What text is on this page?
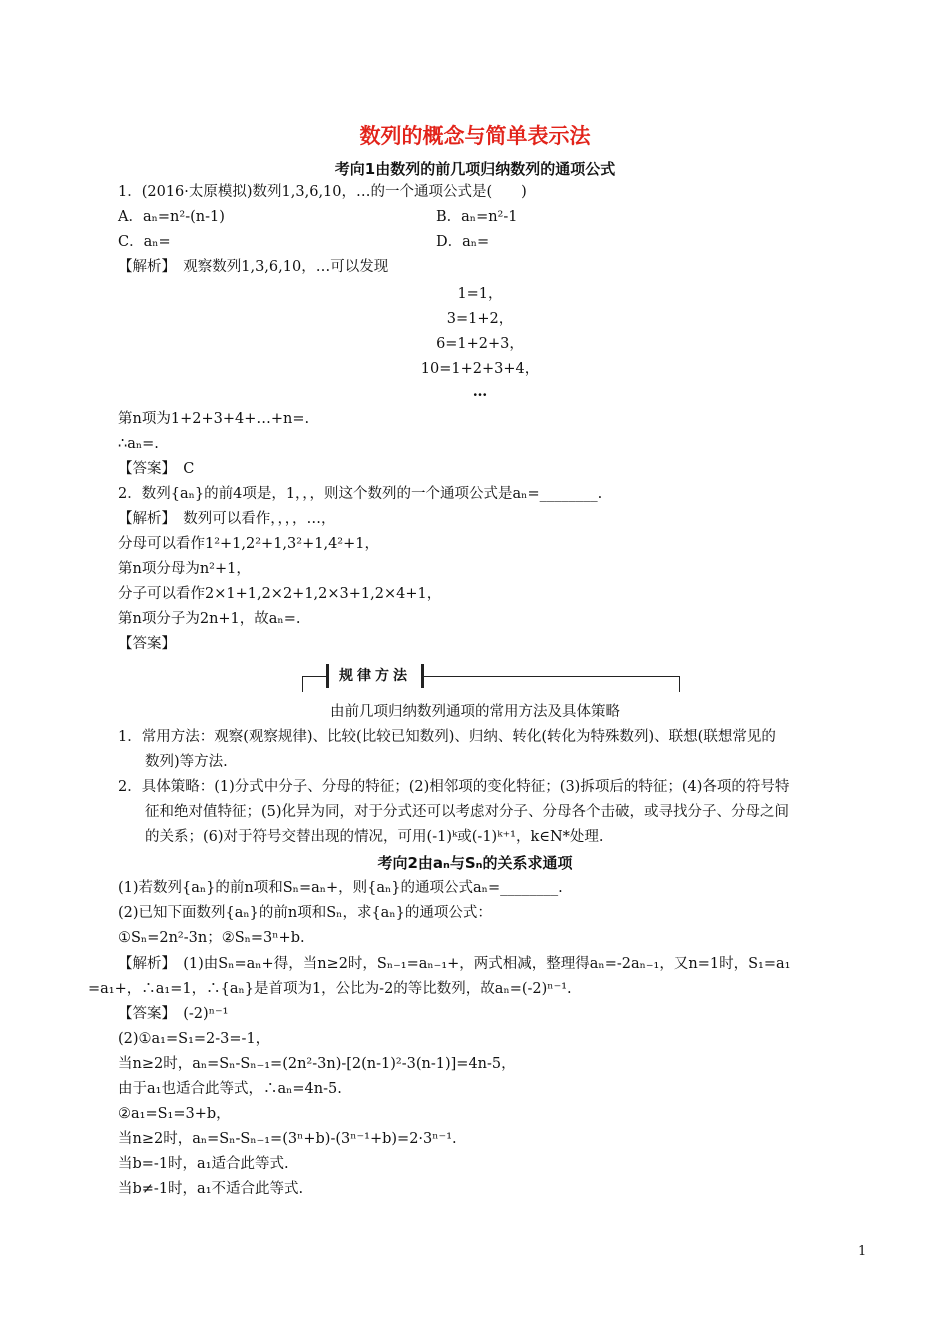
数列的概念与简单表示法
考向1由数列的前几项归纳数列的通项公式
1．(2016·太原模拟)数列1,3,6,10，…的一个通项公式是(　　)
A．aₙ=n²-(n-1)	B．aₙ=n²-1
C．aₙ=	D．aₙ=
【解析】　观察数列1,3,6,10，…可以发现
1=1，
3=1+2，
6=1+2+3，
10=1+2+3+4，
…
第n项为1+2+3+4+…+n=.
∴aₙ=.
【答案】　C
2．数列{aₙ}的前4项是，1，，，则这个数列的一个通项公式是aₙ=________.
【解析】　数列可以看作，，，，…，
分母可以看作1²+1,2²+1,3²+1,4²+1，
第n项分母为n²+1，
分子可以看作2×1+1,2×2+1,2×3+1,2×4+1，
第n项分子为2n+1，故aₙ=.
【答案】
规律方法
由前几项归纳数列通项的常用方法及具体策略
1．常用方法：观察(观察规律)、比较(比较已知数列)、归纳、转化(转化为特殊数列)、联想(联想常见的
数列)等方法.
2．具体策略：(1)分式中分子、分母的特征；(2)相邻项的变化特征；(3)拆项后的特征；(4)各项的符号特
征和绝对值特征；(5)化异为同，对于分式还可以考虑对分子、分母各个击破，或寻找分子、分母之间
的关系；(6)对于符号交替出现的情况，可用(-1)ᵏ或(-1)ᵏ⁺¹，k∈N*处理.
考向2由aₙ与Sₙ的关系求通项
(1)若数列{aₙ}的前n项和Sₙ=aₙ+，则{aₙ}的通项公式aₙ=________.
(2)已知下面数列{aₙ}的前n项和Sₙ，求{aₙ}的通项公式：
①Sₙ=2n²-3n；②Sₙ=3ⁿ+b.
【解析】　(1)由Sₙ=aₙ+得，当n≥2时，Sₙ₋₁=aₙ₋₁+，两式相减，整理得aₙ=-2aₙ₋₁，又n=1时，S₁=a₁
=a₁+，∴a₁=1，∴{aₙ}是首项为1，公比为-2的等比数列，故aₙ=(-2)ⁿ⁻¹.
【答案】　(-2)ⁿ⁻¹
(2)①a₁=S₁=2-3=-1，
当n≥2时，aₙ=Sₙ-Sₙ₋₁=(2n²-3n)-[2(n-1)²-3(n-1)]=4n-5，
由于a₁也适合此等式，∴aₙ=4n-5.
②a₁=S₁=3+b，
当n≥2时，aₙ=Sₙ-Sₙ₋₁=(3ⁿ+b)-(3ⁿ⁻¹+b)=2·3ⁿ⁻¹.
当b=-1时，a₁适合此等式.
当b≠-1时，a₁不适合此等式.
1
